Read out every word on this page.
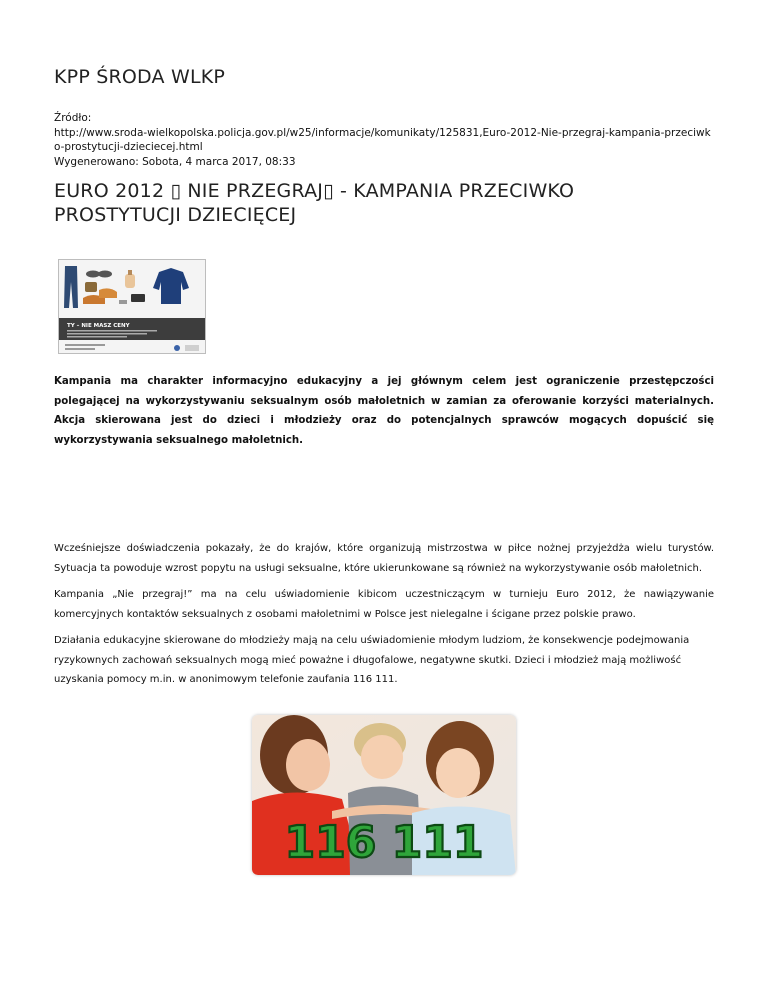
KPP ŚRODA WLKP
Źródło:
http://www.sroda-wielkopolska.policja.gov.pl/w25/informacje/komunikaty/125831,Euro-2012-Nie-przegraj-kampania-przeciwk
o-prostytucji-dzieciecej.html
Wygenerowano: Sobota, 4 marca 2017, 08:33
EURO 2012 ▯ NIE PRZEGRAJ▯ - KAMPANIA PRZECIWKO
PROSTYTUCJI DZIECIĘCEJ
TY – NIE MASZ CENY

Kampania ma charakter informacyjno edukacyjny a jej głównym celem jest ograniczenie przestępczości polegającej na wykorzystywaniu seksualnym osób małoletnich w zamian za oferowanie korzyści materialnych. Akcja skierowana jest do dzieci i młodzieży oraz do potencjalnych sprawców mogących dopuścić się wykorzystywania seksualnego małoletnich.

Wcześniejsze doświadczenia pokazały, że do krajów, które organizują mistrzostwa w piłce nożnej przyjeżdża wielu turystów. Sytuacja ta powoduje wzrost popytu na usługi seksualne, które ukierunkowane są również na wykorzystywanie osób małoletnich.

Kampania „Nie przegraj!” ma na celu uświadomienie kibicom uczestniczącym w turnieju Euro 2012, że nawiązywanie komercyjnych kontaktów seksualnych z osobami małoletnimi w Polsce jest nielegalne i ścigane przez polskie prawo.

Działania edukacyjne skierowane do młodzieży mają na celu uświadomienie młodym ludziom, że konsekwencje podejmowania ryzykownych zachowań seksualnych mogą mieć poważne i długofalowe, negatywne skutki. Dzieci i młodzież mają możliwość uzyskania pomocy m.in. w anonimowym telefonie zaufania 116 111.

116 111
